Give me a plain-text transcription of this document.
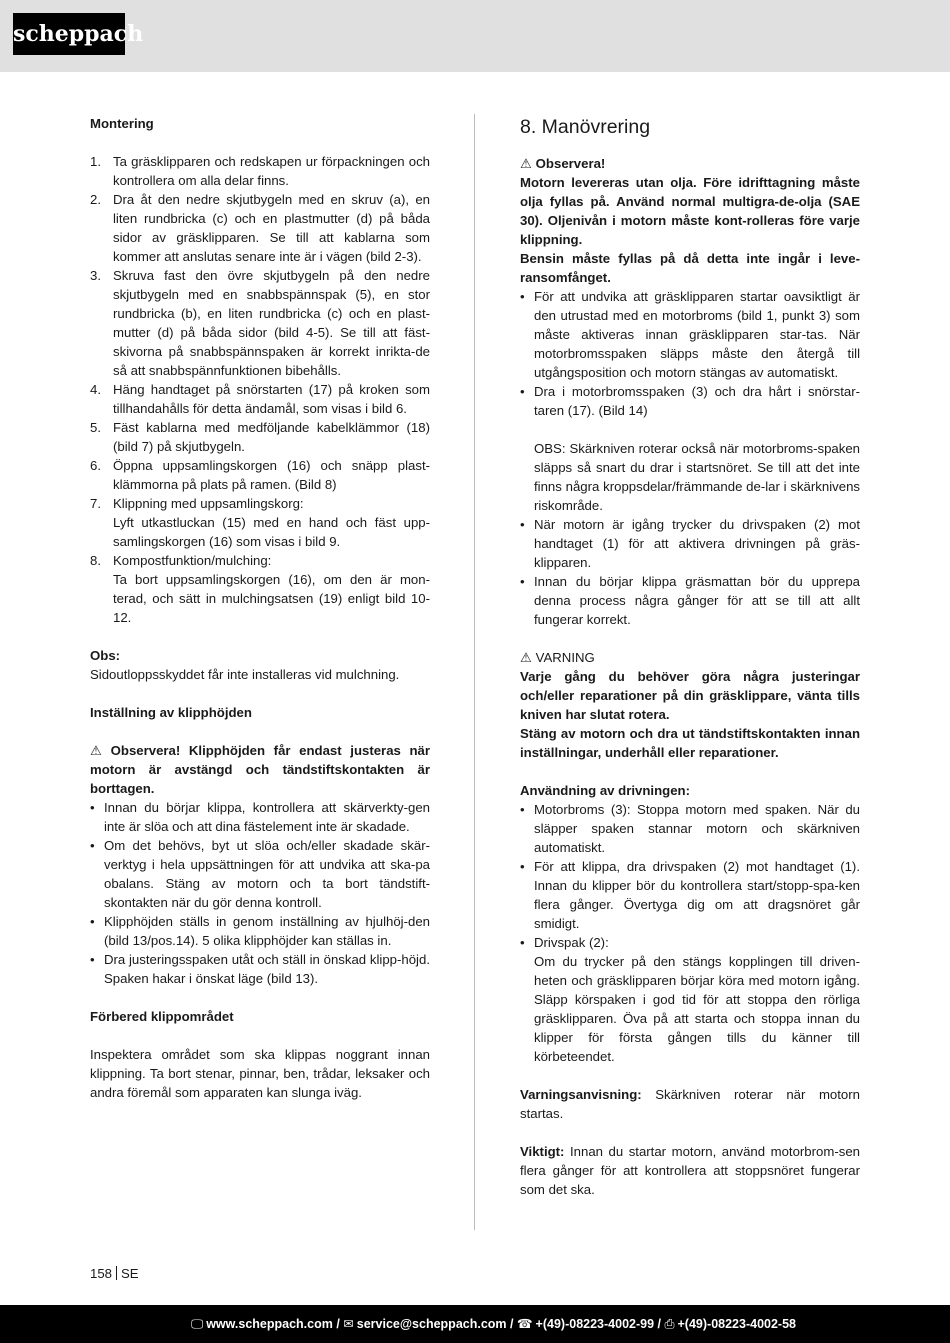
scheppach

Montering

1. Ta gräsklipparen och redskapen ur förpackningen och kontrollera om alla delar finns.
2. Dra åt den nedre skjutbygeln med en skruv (a), en liten rundbricka (c) och en plastmutter (d) på båda sidor av gräsklipparen. Se till att kablarna som kommer att anslutas senare inte är i vägen (bild 2-3).
3. Skruva fast den övre skjutbygeln på den nedre skjutbygeln med en snabbspännspak (5), en stor rundbricka (b), en liten rundbricka (c) och en plast-mutter (d) på båda sidor (bild 4-5). Se till att fäst-skivorna på snabbspännspaken är korrekt inrikta-de så att snabbspännfunktionen bibehålls.
4. Häng handtaget på snörstarten (17) på kroken som tillhandahålls för detta ändamål, som visas i bild 6.
5. Fäst kablarna med medföljande kabelklämmor (18) (bild 7) på skjutbygeln.
6. Öppna uppsamlingskorgen (16) och snäpp plast-klämmorna på plats på ramen. (Bild 8)
7. Klippning med uppsamlingskorg:
Lyft utkastluckan (15) med en hand och fäst upp-samlingskorgen (16) som visas i bild 9.
8. Kompostfunktion/mulching:
Ta bort uppsamlingskorgen (16), om den är mon-terad, och sätt in mulchingsatsen (19) enligt bild 10-12.

Obs:

Sidoutloppsskyddet får inte installeras vid mulchning.

Inställning av klipphöjden

⚠ Observera! Klipphöjden får endast justeras när motorn är avstängd och tändstiftskontakten är borttagen.

• Innan du börjar klippa, kontrollera att skärverkty-gen inte är slöa och att dina fästelement inte är skadade.
• Om det behövs, byt ut slöa och/eller skadade skär-verktyg i hela uppsättningen för att undvika att ska-pa obalans. Stäng av motorn och ta bort tändstift-skontakten när du gör denna kontroll.
• Klipphöjden ställs in genom inställning av hjulhöj-den (bild 13/pos.14). 5 olika klipphöjder kan ställas in.
• Dra justeringsspaken utåt och ställ in önskad klipp-höjd. Spaken hakar i önskat läge (bild 13).

Förbered klippområdet

Inspektera området som ska klippas noggrant innan klippning. Ta bort stenar, pinnar, ben, trådar, leksaker och andra föremål som apparaten kan slunga iväg.

8. Manövrering

⚠ Observera!

Motorn levereras utan olja. Före idrifttagning måste olja fyllas på. Använd normal multigra-de-olja (SAE 30). Oljenivån i motorn måste kont-rolleras före varje klippning.

Bensin måste fyllas på då detta inte ingår i leve-ransomfånget.

• För att undvika att gräsklipparen startar oavsiktligt är den utrustad med en motorbroms (bild 1, punkt 3) som måste aktiveras innan gräsklipparen star-tas. När motorbromsspaken släpps måste den återgå till utgångsposition och motorn stängas av automatiskt.
• Dra i motorbromsspaken (3) och dra hårt i snörstar-taren (17). (Bild 14)

OBS: Skärkniven roterar också när motorbroms-spaken släpps så snart du drar i startsnöret. Se till att det inte finns några kroppsdelar/främmande de-lar i skärknivens riskområde.

• När motorn är igång trycker du drivspaken (2) mot handtaget (1) för att aktivera drivningen på gräs-klipparen.
• Innan du börjar klippa gräsmattan bör du upprepa denna process några gånger för att se till att allt fungerar korrekt.

⚠ VARNING

Varje gång du behöver göra några justeringar och/eller reparationer på din gräsklippare, vänta tills kniven har slutat rotera.

Stäng av motorn och dra ut tändstiftskontakten innan inställningar, underhåll eller reparationer.

Användning av drivningen:

• Motorbroms (3): Stoppa motorn med spaken. När du släpper spaken stannar motorn och skärkniven automatiskt.
• För att klippa, dra drivspaken (2) mot handtaget (1). Innan du klipper bör du kontrollera start/stopp-spa-ken flera gånger. Övertyga dig om att dragsnöret går smidigt.
• Drivspak (2):
Om du trycker på den stängs kopplingen till driven-heten och gräsklipparen börjar köra med motorn igång. Släpp körspaken i god tid för att stoppa den rörliga gräsklipparen. Öva på att starta och stoppa innan du klipper för första gången tills du känner till körbeteendet.

Varningsanvisning: Skärkniven roterar när motorn startas.

Viktigt: Innan du startar motorn, använd motorbrom-sen flera gånger för att kontrollera att stoppsnöret fungerar som det ska.

158 SE
🖵 www.scheppach.com / ✉ service@scheppach.com / ☎ +(49)-08223-4002-99 / ⎙ +(49)-08223-4002-58
